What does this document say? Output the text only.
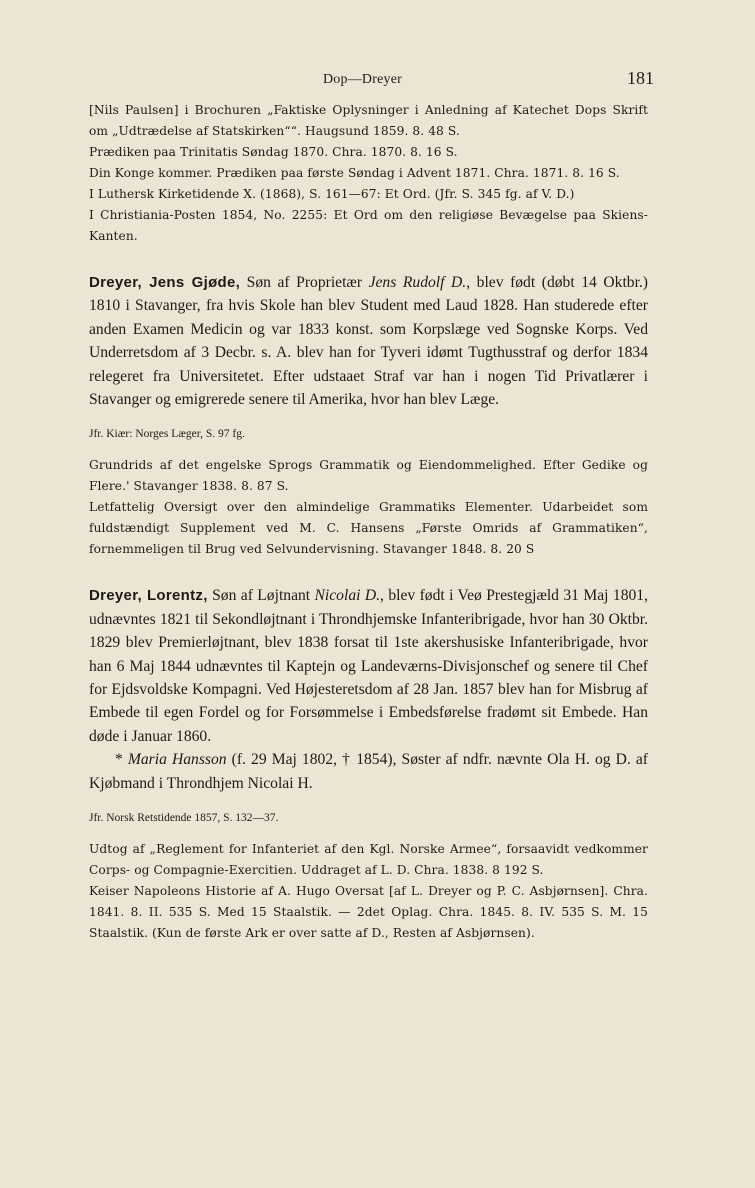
Dop—Dreyer	181

[Nils Paulsen] i Brochuren „Faktiske Oplysninger i Anledning af Katechet Dops Skrift om „Udtrædelse af Statskirken““. Haugsund 1859. 8. 48 S.

Prædiken paa Trinitatis Søndag 1870. Chra. 1870. 8. 16 S.

Din Konge kommer. Prædiken paa første Søndag i Advent 1871. Chra. 1871. 8. 16 S.

I Luthersk Kirketidende X. (1868), S. 161—67: Et Ord. (Jfr. S. 345 fg. af V. D.)

I Christiania-Posten 1854, No. 2255: Et Ord om den religiøse Bevægelse paa Skiens-Kanten.

Dreyer, Jens Gjøde, Søn af Proprietær Jens Rudolf D., blev født (døbt 14 Oktbr.) 1810 i Stavanger, fra hvis Skole han blev Student med Laud 1828. Han studerede efter anden Examen Medicin og var 1833 konst. som Korpslæge ved Sognske Korps. Ved Underretsdom af 3 Decbr. s. A. blev han for Tyveri idømt Tugthusstraf og derfor 1834 relegeret fra Universitetet. Efter udstaaet Straf var han i nogen Tid Privatlærer i Stavanger og emigrerede senere til Amerika, hvor han blev Læge.

Jfr. Kiær: Norges Læger, S. 97 fg.

Grundrids af det engelske Sprogs Grammatik og Eiendommelighed. Efter Gedike og Flere.' Stavanger 1838. 8. 87 S.

Letfattelig Oversigt over den almindelige Grammatiks Elementer. Udarbeidet som fuldstændigt Supplement ved M. C. Hansens „Første Omrids af Grammatiken“, fornemmeligen til Brug ved Selvundervisning. Stavanger 1848. 8. 20 S

Dreyer, Lorentz, Søn af Løjtnant Nicolai D., blev født i Veø Prestegjæld 31 Maj 1801, udnævntes 1821 til Sekondløjtnant i Throndhjemske Infanteribrigade, hvor han 30 Oktbr. 1829 blev Premierløjtnant, blev 1838 forsat til 1ste akershusiske Infanteribrigade, hvor han 6 Maj 1844 udnævntes til Kaptejn og Landeværns-Divisjonschef og senere til Chef for Ejdsvoldske Kompagni. Ved Højesteretsdom af 28 Jan. 1857 blev han for Misbrug af Embede til egen Fordel og for Forsømmelse i Embedsførelse fradømt sit Embede. Han døde i Januar 1860.

* Maria Hansson (f. 29 Maj 1802, † 1854), Søster af ndfr. nævnte Ola H. og D. af Kjøbmand i Throndhjem Nicolai H.

Jfr. Norsk Retstidende 1857, S. 132—37.

Udtog af „Reglement for Infanteriet af den Kgl. Norske Armee“, forsaavidt vedkommer Corps- og Compagnie-Exercitien. Uddraget af L. D. Chra. 1838. 8 192 S.

Keiser Napoleons Historie af A. Hugo Oversat [af L. Dreyer og P. C. Asbjørnsen]. Chra. 1841. 8. II. 535 S. Med 15 Staalstik. — 2det Oplag. Chra. 1845. 8. IV. 535 S. M. 15 Staalstik. (Kun de første Ark er over satte af D., Resten af Asbjørnsen).
